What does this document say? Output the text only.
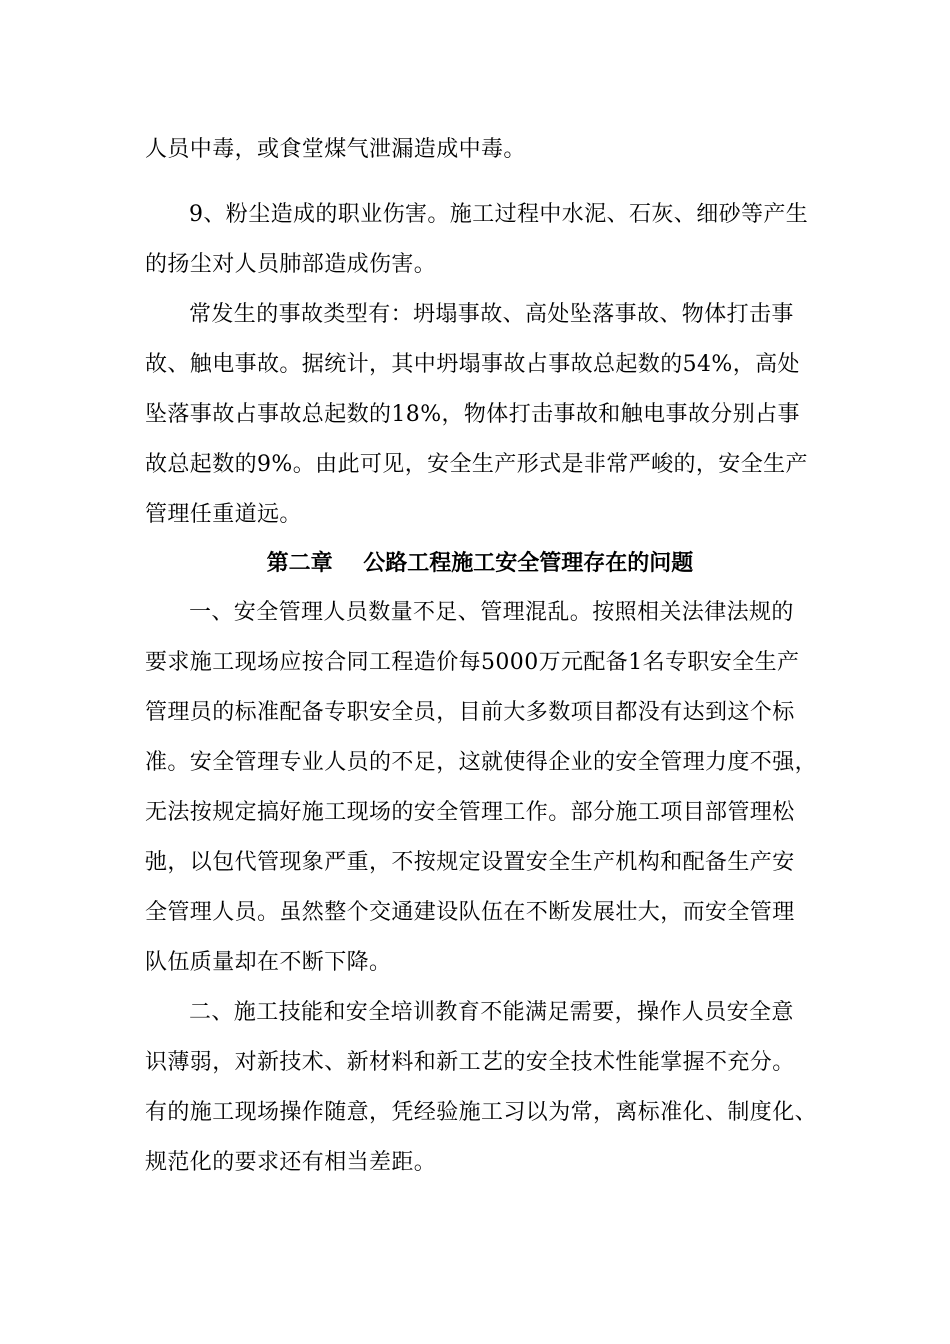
人员中毒，或食堂煤气泄漏造成中毒。
9、粉尘造成的职业伤害。施工过程中水泥、石灰、细砂等产生
的扬尘对人员肺部造成伤害。
常发生的事故类型有：坍塌事故、高处坠落事故、物体打击事
故、触电事故。据统计，其中坍塌事故占事故总起数的54%，高处
坠落事故占事故总起数的18%，物体打击事故和触电事故分别占事
故总起数的9%。由此可见，安全生产形式是非常严峻的，安全生产
管理任重道远。
第二章    公路工程施工安全管理存在的问题
一、安全管理人员数量不足、管理混乱。按照相关法律法规的
要求施工现场应按合同工程造价每5000万元配备1名专职安全生产
管理员的标准配备专职安全员，目前大多数项目都没有达到这个标
准。安全管理专业人员的不足，这就使得企业的安全管理力度不强，
无法按规定搞好施工现场的安全管理工作。部分施工项目部管理松
弛，以包代管现象严重，不按规定设置安全生产机构和配备生产安
全管理人员。虽然整个交通建设队伍在不断发展壮大，而安全管理
队伍质量却在不断下降。
二、施工技能和安全培训教育不能满足需要，操作人员安全意
识薄弱，对新技术、新材料和新工艺的安全技术性能掌握不充分。
有的施工现场操作随意，凭经验施工习以为常，离标准化、制度化、
规范化的要求还有相当差距。
